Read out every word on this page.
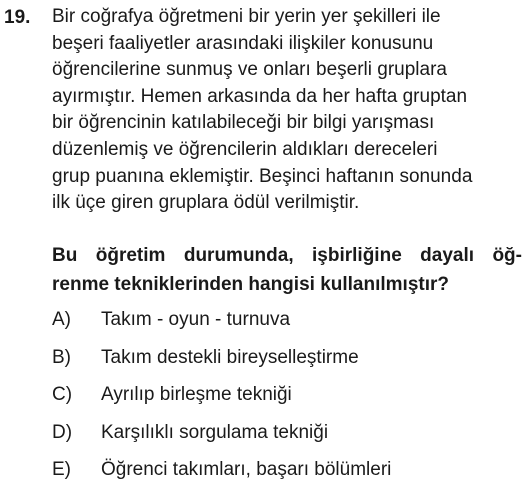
19. Bir coğrafya öğretmeni bir yerin yer şekilleri ile
beşeri faaliyetler arasındaki ilişkiler konusunu
öğrencilerine sunmuş ve onları beşerli gruplara
ayırmıştır. Hemen arkasında da her hafta gruptan
bir öğrencinin katılabileceği bir bilgi yarışması
düzenlemiş ve öğrencilerin aldıkları dereceleri
grup puanına eklemiştir. Beşinci haftanın sonunda
ilk üçe giren gruplara ödül verilmiştir.
Bu öğretim durumunda, işbirliğine dayalı öğ-
renme tekniklerinden hangisi kullanılmıştır?
A) Takım - oyun - turnuva
B) Takım destekli bireyselleştirme
C) Ayrılıp birleşme tekniği
D) Karşılıklı sorgulama tekniği
E) Öğrenci takımları, başarı bölümleri
